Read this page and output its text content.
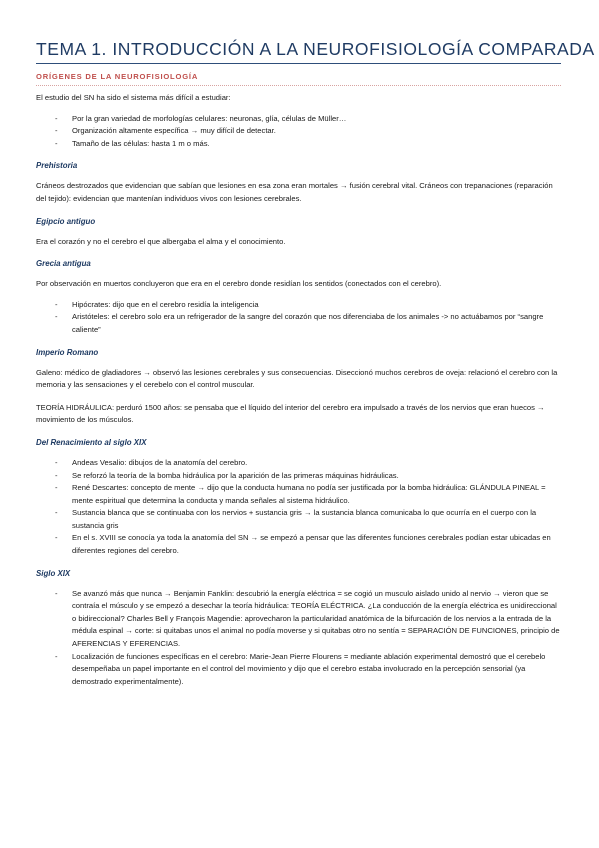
TEMA 1. INTRODUCCIÓN A LA NEUROFISIOLOGÍA COMPARADA
ORÍGENES DE LA NEUROFISIOLOGÍA

El estudio del SN ha sido el sistema más difícil a estudiar:

- Por la gran variedad de morfologías celulares: neuronas, glía, células de Müller…
- Organización altamente específica → muy difícil de detectar.
- Tamaño de las células: hasta 1 m o más.
Prehistoria

Cráneos destrozados que evidencian que sabían que lesiones en esa zona eran mortales → fusión cerebral vital. Cráneos con trepanaciones (reparación del tejido): evidencian que mantenían individuos vivos con lesiones cerebrales.

Egipcio antiguo

Era el corazón y no el cerebro el que albergaba el alma y el conocimiento.

Grecia antigua

Por observación en muertos concluyeron que era en el cerebro donde residían los sentidos (conectados con el cerebro).

- Hipócrates: dijo que en el cerebro residía la inteligencia
- Aristóteles: el cerebro solo era un refrigerador de la sangre del corazón que nos diferenciaba de los animales -> no actuábamos por “sangre caliente”
Imperio Romano

Galeno: médico de gladiadores → observó las lesiones cerebrales y sus consecuencias. Diseccionó muchos cerebros de oveja: relacionó el cerebro con la memoria y las sensaciones y el cerebelo con el control muscular.

TEORÍA HIDRÁULICA: perduró 1500 años: se pensaba que el líquido del interior del cerebro era impulsado a través de los nervios que eran huecos → movimiento de los músculos.

Del Renacimiento al siglo XIX
- Andeas Vesalio: dibujos de la anatomía del cerebro.
- Se reforzó la teoría de la bomba hidráulica por la aparición de las primeras máquinas hidráulicas.
- René Descartes: concepto de mente → dijo que la conducta humana no podía ser justificada por la bomba hidráulica: GLÁNDULA PINEAL = mente espiritual que determina la conducta y manda señales al sistema hidráulico.
- Sustancia blanca que se continuaba con los nervios + sustancia gris → la sustancia blanca comunicaba lo que ocurría en el cuerpo con la sustancia gris
- En el s. XVIII se conocía ya toda la anatomía del SN → se empezó a pensar que las diferentes funciones cerebrales podían estar ubicadas en diferentes regiones del cerebro.
Siglo XIX
- Se avanzó más que nunca → Benjamin Fanklin: descubrió la energía eléctrica = se cogió un musculo aislado unido al nervio → vieron que se contraía el músculo y se empezó a desechar la teoría hidráulica: TEORÍA ELÉCTRICA. ¿La conducción de la energía eléctrica es unidireccional o bidireccional? Charles Bell y François Magendie: aprovecharon la particularidad anatómica de la bifurcación de los nervios a la entrada de la médula espinal → corte: si quitabas unos el animal no podía moverse y si quitabas otro no sentía = SEPARACIÓN DE FUNCIONES, principio de AFERENCIAS Y EFERENCIAS.
- Localización de funciones específicas en el cerebro: Marie-Jean Pierre Flourens = mediante ablación experimental demostró que el cerebelo desempeñaba un papel importante en el control del movimiento y dijo que el cerebro estaba involucrado en la percepción sensorial (ya demostrado experimentalmente).
